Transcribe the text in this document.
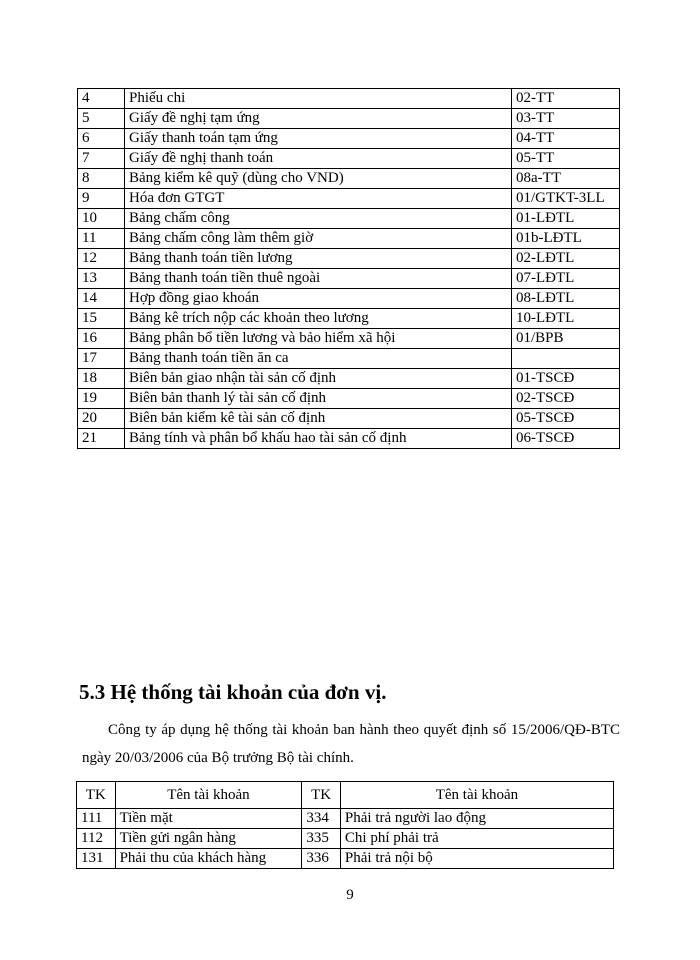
4	Phiếu chi	02-TT
5	Giấy đề nghị tạm ứng	03-TT
6	Giấy thanh toán tạm ứng	04-TT
7	Giấy đề nghị thanh toán	05-TT
8	Bảng kiểm kê quỹ (dùng cho VND)	08a-TT
9	Hóa đơn GTGT	01/GTKT-3LL
10	Bảng chấm công	01-LĐTL
11	Bảng chấm công làm thêm giờ	01b-LĐTL
12	Bảng thanh toán tiền lương	02-LĐTL
13	Bảng thanh toán tiền thuê ngoài	07-LĐTL
14	Hợp đồng giao khoán	08-LĐTL
15	Bảng kê trích nộp các khoản theo lương	10-LĐTL
16	Bảng phân bổ tiền lương và bảo hiểm xã hội	01/BPB
17	Bảng thanh toán tiền ăn ca	
18	Biên bản giao nhận tài sản cố định	01-TSCĐ
19	Biên bản thanh lý tài sản cố định	02-TSCĐ
20	Biên bản kiểm kê tài sản cố định	05-TSCĐ
21	Bảng tính và phân bổ khấu hao tài sản cố định	06-TSCĐ
5.3 Hệ thống tài khoản của đơn vị.

Công ty áp dụng hệ thống tài khoản ban hành theo quyết định số 15/2006/QĐ-BTC ngày 20/03/2006 của Bộ trưởng Bộ tài chính.

TK	Tên tài khoản	TK	Tên tài khoản
111	Tiền mặt	334	Phải trả người lao động
112	Tiền gửi ngân hàng	335	Chi phí phải trả
131	Phải thu của khách hàng	336	Phải trả nội bộ

9
